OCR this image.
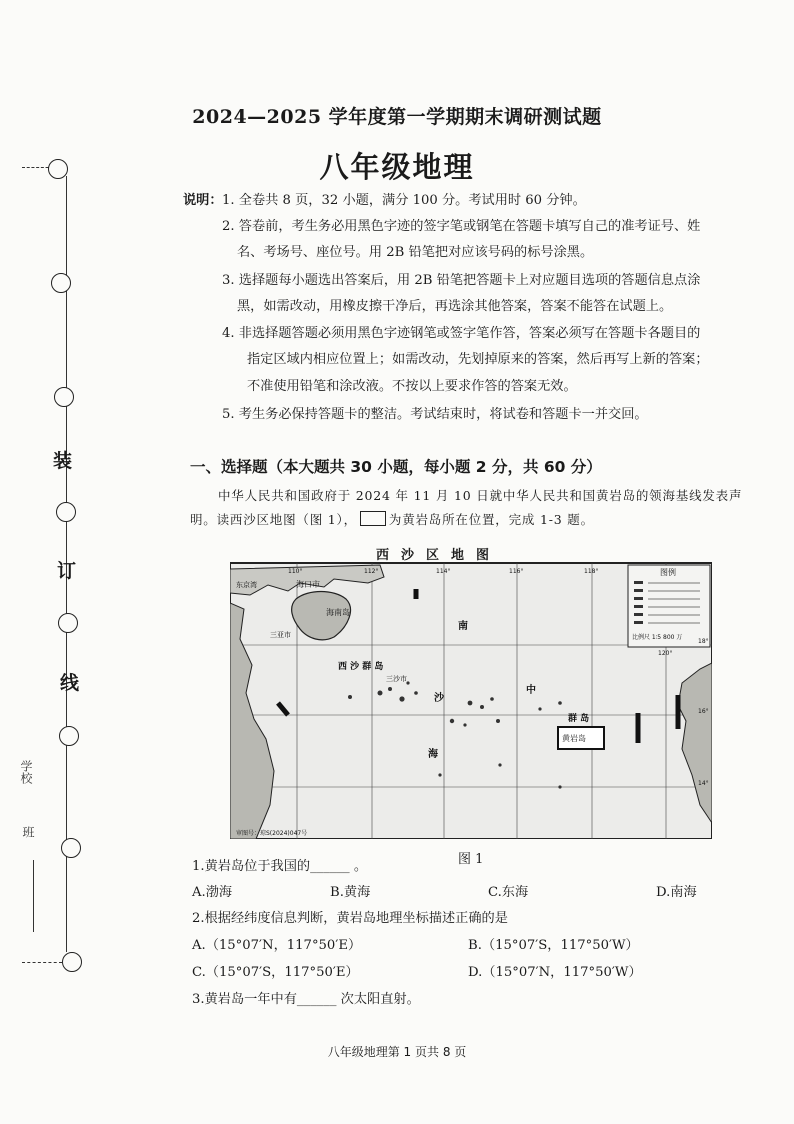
装
订
线
学校
班
2024—2025 学年度第一学期期末调研测试题
八年级地理
说明： 1. 全卷共 8 页，32 小题，满分 100 分。考试用时 60 分钟。
2. 答卷前，考生务必用黑色字迹的签字笔或钢笔在答题卡填写自己的准考证号、姓
名、考场号、座位号。用 2B 铅笔把对应该号码的标号涂黑。
3. 选择题每小题选出答案后，用 2B 铅笔把答题卡上对应题目选项的答题信息点涂
黑，如需改动，用橡皮擦干净后，再选涂其他答案，答案不能答在试题上。
4. 非选择题答题必须用黑色字迹钢笔或签字笔作答，答案必须写在答题卡各题目的
指定区域内相应位置上；如需改动，先划掉原来的答案，然后再写上新的答案；
不准使用铅笔和涂改液。不按以上要求作答的答案无效。
5. 考生务必保持答题卡的整洁。考试结束时，将试卷和答题卡一并交回。
一、选择题（本大题共 30 小题，每小题 2 分，共 60 分）
中华人民共和国政府于 2024 年 11 月 10 日就中华人民共和国黄岩岛的领海基线发表声
明。读西沙区地图（图 1），	为黄岩岛所在位置，完成 1-3 题。
西沙区地图
图例
比例尺 1∶5 800 万
海口市
东京湾
海南岛
三亚市
三沙市
西 沙 群 岛
南
沙
海
中
群 岛
黄岩岛
110°	112°	114°	116°	118°
120°
18°
16°
14°
审图号：琼S(2024)047号
图 1
1.黄岩岛位于我国的______ 。
A.渤海	B.黄海	C.东海	D.南海
2.根据经纬度信息判断，黄岩岛地理坐标描述正确的是
A.（15°07′N，117°50′E）	B.（15°07′S，117°50′W）
C.（15°07′S，117°50′E）	D.（15°07′N，117°50′W）
3.黄岩岛一年中有______ 次太阳直射。
八年级地理第 1 页共 8 页
